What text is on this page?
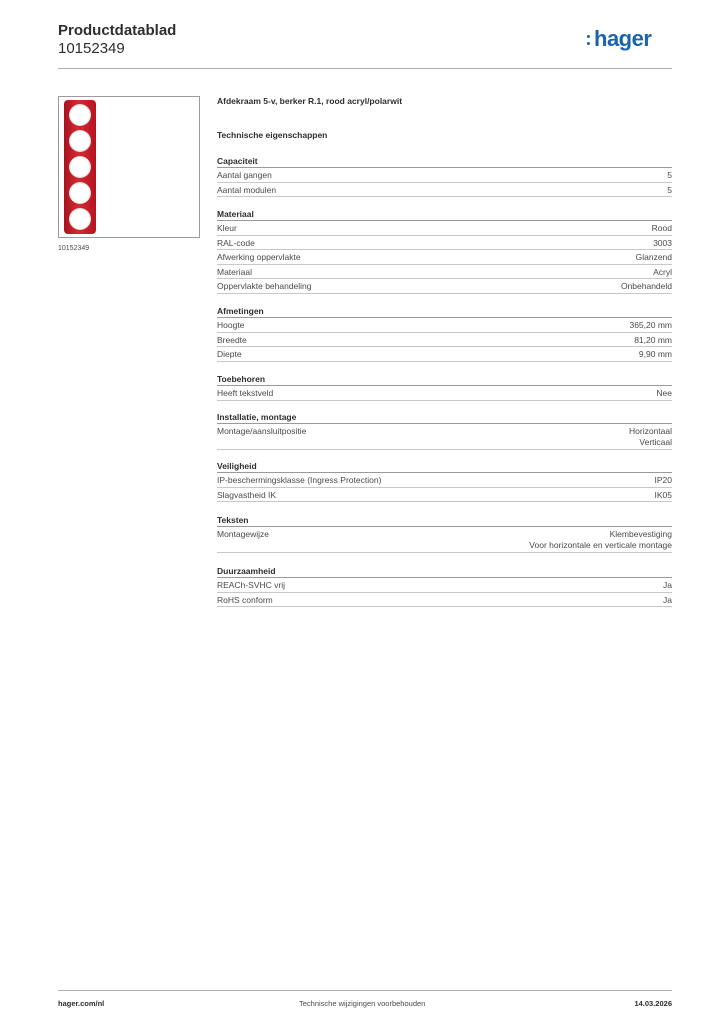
Productdatablad
10152349	hager
10152349
Afdekraam 5-v, berker R.1, rood acryl/polarwit
Technische eigenschappen
Capaciteit
Aantal gangen	5
Aantal modulen	5
Materiaal
Kleur	Rood
RAL-code	3003
Afwerking oppervlakte	Glanzend
Materiaal	Acryl
Oppervlakte behandeling	Onbehandeld
Afmetingen
Hoogte	365,20 mm
Breedte	81,20 mm
Diepte	9,90 mm
Toebehoren
Heeft tekstveld	Nee
Installatie, montage
Montage/aansluitpositie	Horizontaal
Verticaal
Veiligheid
IP-beschermingsklasse (Ingress Protection)	IP20
Slagvastheid IK	IK05
Teksten
Montagewijze	Klembevestiging
Voor horizontale en verticale montage
Duurzaamheid
REACh-SVHC vrij	Ja
RoHS conform	Ja
hager.com/nl	Technische wijzigingen voorbehouden	14.03.2026
